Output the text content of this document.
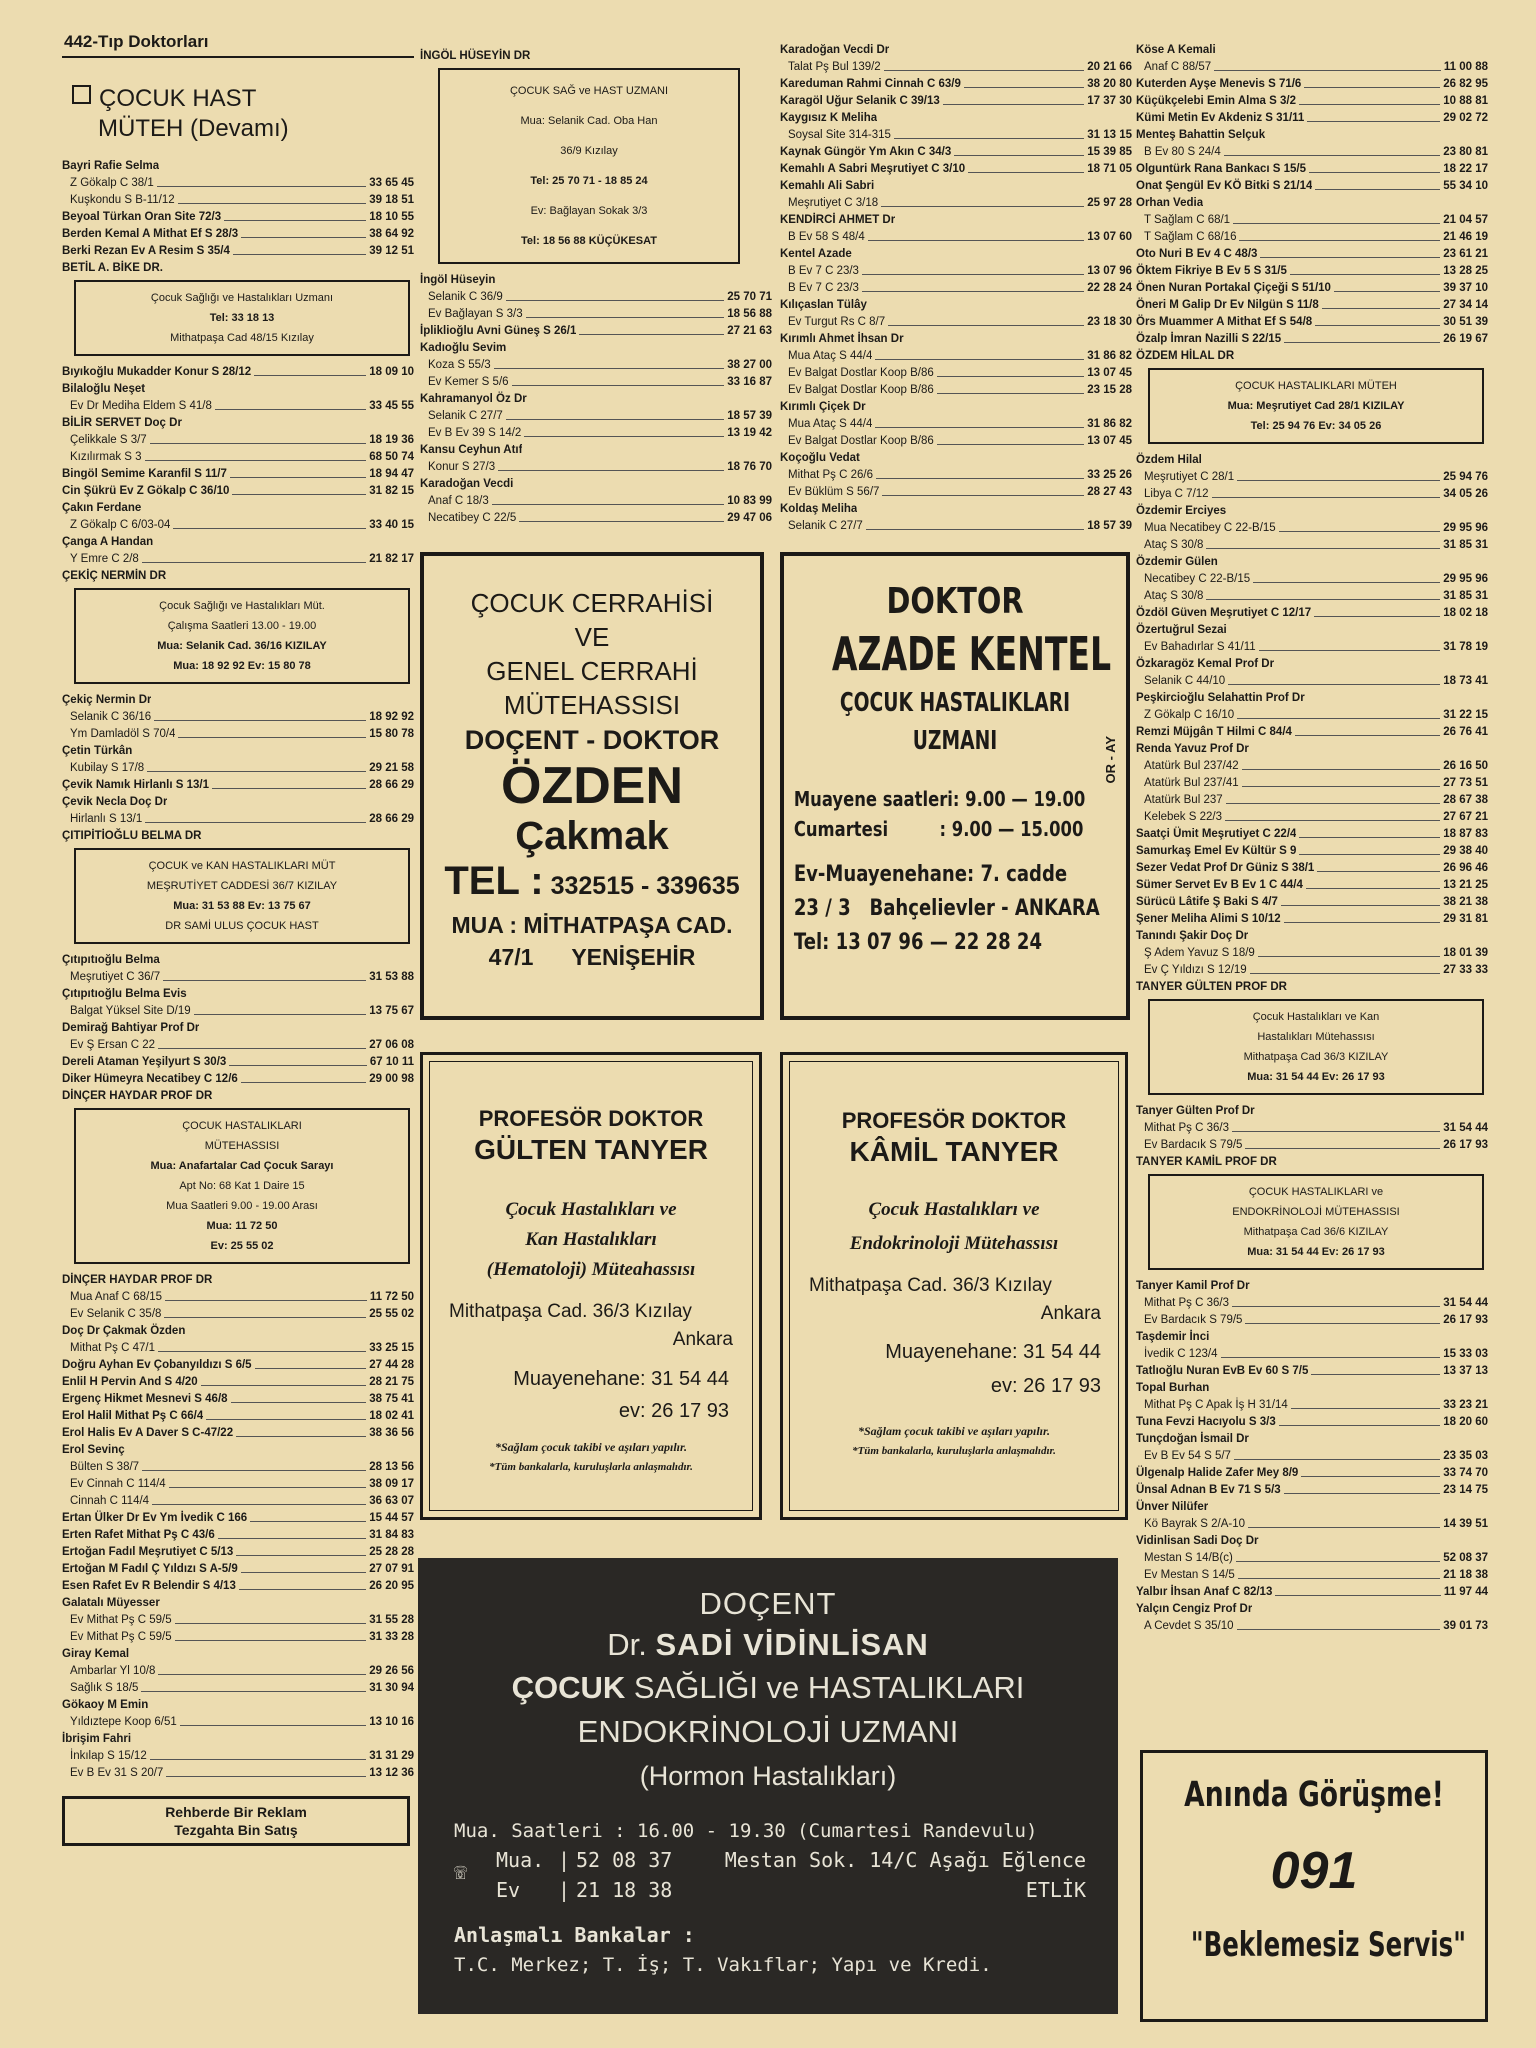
442-Tıp Doktorları
ÇOCUK HAST
MÜTEH (Devamı)
Bayri Rafie Selma
Z Gökalp C 38/1	33 65 45
Kuşkondu S B-11/12	39 18 51
Beyoal Türkan Oran Site 72/3	18 10 55
Berden Kemal A Mithat Ef S 28/3	38 64 92
Berki Rezan Ev A Resim S 35/4	39 12 51
BETİL A. BİKE DR.
Çocuk Sağlığı ve Hastalıkları Uzmanı
Tel: 33 18 13
Mithatpaşa Cad 48/15 Kızılay
Bıyıkoğlu Mukadder Konur S 28/12	18 09 10
Bilaloğlu Neşet
Ev Dr Mediha Eldem S 41/8	33 45 55
BİLİR SERVET Doç Dr
Çelikkale S 3/7	18 19 36
Kızılırmak S 3	68 50 74
Bingöl Semime Karanfil S 11/7	18 94 47
Cin Şükrü Ev Z Gökalp C 36/10	31 82 15
Çakın Ferdane
Z Gökalp C 6/03-04	33 40 15
Çanga A Handan
Y Emre C 2/8	21 82 17
ÇEKİÇ NERMİN DR
Çocuk Sağlığı ve Hastalıkları Müt.
Çalışma Saatleri 13.00 - 19.00
Mua: Selanik Cad. 36/16 KIZILAY
Mua: 18 92 92 Ev: 15 80 78
Çekiç Nermin Dr
Selanik C 36/16	18 92 92
Ym Damladöl S 70/4	15 80 78
Çetin Türkân
Kubilay S 17/8	29 21 58
Çevik Namık Hirlanlı S 13/1	28 66 29
Çevik Necla Doç Dr
Hirlanlı S 13/1	28 66 29
ÇITIPİTİOĞLU BELMA DR
ÇOCUK ve KAN HASTALIKLARI MÜT
MEŞRUTİYET CADDESİ 36/7 KIZILAY
Mua: 31 53 88 Ev: 13 75 67
DR SAMİ ULUS ÇOCUK HAST
Çıtıpıtıoğlu Belma
Meşrutiyet C 36/7	31 53 88
Çıtıpıtıoğlu Belma Evis
Balgat Yüksel Site D/19	13 75 67
Demirağ Bahtiyar Prof Dr
Ev Ş Ersan C 22	27 06 08
Dereli Ataman Yeşilyurt S 30/3	67 10 11
Diker Hümeyra Necatibey C 12/6	29 00 98
DİNÇER HAYDAR PROF DR
ÇOCUK HASTALIKLARI
MÜTEHASSISI
Mua: Anafartalar Cad Çocuk Sarayı
Apt No: 68 Kat 1 Daire 15
Mua Saatleri 9.00 - 19.00 Arası
Mua: 11 72 50
Ev: 25 55 02
DİNÇER HAYDAR PROF DR
Mua Anaf C 68/15	11 72 50
Ev Selanik C 35/8	25 55 02
Doç Dr Çakmak Özden
Mithat Pş C 47/1	33 25 15
Doğru Ayhan Ev Çobanyıldızı S 6/5	27 44 28
Enlil H Pervin And S 4/20	28 21 75
Ergenç Hikmet Mesnevi S 46/8	38 75 41
Erol Halil Mithat Pş C 66/4	18 02 41
Erol Halis Ev A Daver S C-47/22	38 36 56
Erol Sevinç
Bülten S 38/7	28 13 56
Ev Cinnah C 114/4	38 09 17
Cinnah C 114/4	36 63 07
Ertan Ülker Dr Ev Ym İvedik C 166	15 44 57
Erten Rafet Mithat Pş C 43/6	31 84 83
Ertoğan Fadıl Meşrutiyet C 5/13	25 28 28
Ertoğan M Fadıl Ç Yıldızı S A-5/9	27 07 91
Esen Rafet Ev R Belendir S 4/13	26 20 95
Galatalı Müyesser
Ev Mithat Pş C 59/5	31 55 28
Ev Mithat Pş C 59/5	31 33 28
Giray Kemal
Ambarlar Yl 10/8	29 26 56
Sağlık S 18/5	31 30 94
Gökaoy M Emin
Yıldıztepe Koop 6/51	13 10 16
İbrişim Fahri
İnkılap S 15/12	31 31 29
Ev B Ev 31 S 20/7	13 12 36
Rehberde Bir Reklam
Tezgahta Bin Satış
İNGÖL HÜSEYİN DR
ÇOCUK SAĞ ve HAST UZMANI
Mua: Selanik Cad. Oba Han
36/9 Kızılay
Tel: 25 70 71 - 18 85 24
Ev: Bağlayan Sokak 3/3
Tel: 18 56 88 KÜÇÜKESAT
İngöl Hüseyin
Selanik C 36/9	25 70 71
Ev Bağlayan S 3/3	18 56 88
İpliklioğlu Avni Güneş S 26/1	27 21 63
Kadıoğlu Sevim
Koza S 55/3	38 27 00
Ev Kemer S 5/6	33 16 87
Kahramanyol Öz Dr
Selanik C 27/7	18 57 39
Ev B Ev 39 S 14/2	13 19 42
Kansu Ceyhun Atıf
Konur S 27/3	18 76 70
Karadoğan Vecdi
Anaf C 18/3	10 83 99
Necatibey C 22/5	29 47 06
Karadoğan Vecdi Dr
Talat Pş Bul 139/2	20 21 66
Kareduman Rahmi Cinnah C 63/9	38 20 80
Karagöl Uğur Selanik C 39/13	17 37 30
Kaygısız K Meliha
Soysal Site 314-315	31 13 15
Kaynak Güngör Ym Akın C 34/3	15 39 85
Kemahlı A Sabri Meşrutiyet C 3/10	18 71 05
Kemahlı Ali Sabri
Meşrutiyet C 3/18	25 97 28
KENDİRCİ AHMET Dr
B Ev 58 S 48/4	13 07 60
Kentel Azade
B Ev 7 C 23/3	13 07 96
B Ev 7 C 23/3	22 28 24
Kılıçaslan Tülây
Ev Turgut Rs C 8/7	23 18 30
Kırımlı Ahmet İhsan Dr
Mua Ataç S 44/4	31 86 82
Ev Balgat Dostlar Koop B/86	13 07 45
Ev Balgat Dostlar Koop B/86	23 15 28
Kırımlı Çiçek Dr
Mua Ataç S 44/4	31 86 82
Ev Balgat Dostlar Koop B/86	13 07 45
Koçoğlu Vedat
Mithat Pş C 26/6	33 25 26
Ev Büklüm S 56/7	28 27 43
Koldaş Meliha
Selanik C 27/7	18 57 39
Köse A Kemali
Anaf C 88/57	11 00 88
Kuterden Ayşe Menevis S 71/6	26 82 95
Küçükçelebi Emin Alma S 3/2	10 88 81
Kümi Metin Ev Akdeniz S 31/11	29 02 72
Menteş Bahattin Selçuk
B Ev 80 S 24/4	23 80 81
Olguntürk Rana Bankacı S 15/5	18 22 17
Onat Şengül Ev KÖ Bitki S 21/14	55 34 10
Orhan Vedia
T Sağlam C 68/1	21 04 57
T Sağlam C 68/16	21 46 19
Oto Nuri B Ev 4 C 48/3	23 61 21
Öktem Fikriye B Ev 5 S 31/5	13 28 25
Önen Nuran Portakal Çiçeği S 51/10	39 37 10
Öneri M Galip Dr Ev Nilgün S 11/8	27 34 14
Örs Muammer A Mithat Ef S 54/8	30 51 39
Özalp İmran Nazilli S 22/15	26 19 67
ÖZDEM HİLAL DR
ÇOCUK HASTALIKLARI MÜTEH
Mua: Meşrutiyet Cad 28/1 KIZILAY
Tel: 25 94 76 Ev: 34 05 26
Özdem Hilal
Meşrutiyet C 28/1	25 94 76
Libya C 7/12	34 05 26
Özdemir Erciyes
Mua Necatibey C 22-B/15	29 95 96
Ataç S 30/8	31 85 31
Özdemir Gülen
Necatibey C 22-B/15	29 95 96
Ataç S 30/8	31 85 31
Özdöl Güven Meşrutiyet C 12/17	18 02 18
Özertuğrul Sezai
Ev Bahadırlar S 41/11	31 78 19
Özkaragöz Kemal Prof Dr
Selanik C 44/10	18 73 41
Peşkircioğlu Selahattin Prof Dr
Z Gökalp C 16/10	31 22 15
Remzi Müjgân T Hilmi C 84/4	26 76 41
Renda Yavuz Prof Dr
Atatürk Bul 237/42	26 16 50
Atatürk Bul 237/41	27 73 51
Atatürk Bul 237	28 67 38
Kelebek S 22/3	27 67 21
Saatçi Ümit Meşrutiyet C 22/4	18 87 83
Samurkaş Emel Ev Kültür S 9	29 38 40
Sezer Vedat Prof Dr Güniz S 38/1	26 96 46
Sümer Servet Ev B Ev 1 C 44/4	13 21 25
Sürücü Lâtife Ş Baki S 4/7	38 21 38
Şener Meliha Alimi S 10/12	29 31 81
Tanındı Şakir Doç Dr
Ş Adem Yavuz S 18/9	18 01 39
Ev Ç Yıldızı S 12/19	27 33 33
TANYER GÜLTEN PROF DR
Çocuk Hastalıkları ve Kan
Hastalıkları Mütehassısı
Mithatpaşa Cad 36/3 KIZILAY
Mua: 31 54 44 Ev: 26 17 93
Tanyer Gülten Prof Dr
Mithat Pş C 36/3	31 54 44
Ev Bardacık S 79/5	26 17 93
TANYER KAMİL PROF DR
ÇOCUK HASTALIKLARI ve
ENDOKRİNOLOJİ MÜTEHASSISI
Mithatpaşa Cad 36/6 KIZILAY
Mua: 31 54 44 Ev: 26 17 93
Tanyer Kamil Prof Dr
Mithat Pş C 36/3	31 54 44
Ev Bardacık S 79/5	26 17 93
Taşdemir İnci
İvedik C 123/4	15 33 03
Tatlıoğlu Nuran EvB Ev 60 S 7/5	13 37 13
Topal Burhan
Mithat Pş C Apak İş H 31/14	33 23 21
Tuna Fevzi Hacıyolu S 3/3	18 20 60
Tunçdoğan İsmail Dr
Ev B Ev 54 S 5/7	23 35 03
Ülgenalp Halide Zafer Mey 8/9	33 74 70
Ünsal Adnan B Ev 71 S 5/3	23 14 75
Ünver Nilüfer
Kö Bayrak S 2/A-10	14 39 51
Vidinlisan Sadi Doç Dr
Mestan S 14/B(c)	52 08 37
Ev Mestan S 14/5	21 18 38
Yalbır İhsan Anaf C 82/13	11 97 44
Yalçın Cengiz Prof Dr
A Cevdet S 35/10	39 01 73
ÇOCUK CERRAHİSİ
VE
GENEL CERRAHİ
MÜTEHASSISI
DOÇENT - DOKTOR
ÖZDEN
Çakmak
TEL : 332515 - 339635
MUA : MİTHATPAŞA CAD.
47/1      YENİŞEHİR
DOKTOR
AZADE KENTEL
ÇOCUK HASTALIKLARI
UZMANI	OR - AY
Muayene saatleri: 9.00 — 19.00
Cumartesi         : 9.00 — 15.000
Ev-Muayenehane: 7. cadde
23 / 3   Bahçelievler - ANKARA
Tel: 13 07 96 — 22 28 24
PROFESÖR DOKTOR
GÜLTEN TANYER
Çocuk Hastalıkları ve
Kan Hastalıkları
(Hematoloji) Müteahassısı
Mithatpaşa Cad. 36/3 Kızılay
Ankara
Muayenehane: 31 54 44
ev: 26 17 93
*Sağlam çocuk takibi ve aşıları yapılır.
*Tüm bankalarla, kuruluşlarla anlaşmalıdır.
PROFESÖR DOKTOR
KÂMİL TANYER
Çocuk Hastalıkları ve
Endokrinoloji Mütehassısı
Mithatpaşa Cad. 36/3 Kızılay
Ankara
Muayenehane: 31 54 44
ev: 26 17 93
*Sağlam çocuk takibi ve aşıları yapılır.
*Tüm bankalarla, kuruluşlarla anlaşmalıdır.
DOÇENT
Dr. SADİ VİDİNLİSAN
ÇOCUK SAĞLIĞI ve HASTALIKLARI
ENDOKRİNOLOJİ UZMANI
(Hormon Hastalıkları)
Mua. Saatleri : 16.00 - 19.30 (Cumartesi Randevulu)
☏ Mua.
Ev
| 52 08 37
| 21 18 38
Mestan Sok. 14/C Aşağı Eğlence
ETLİK
Anlaşmalı Bankalar :
T.C. Merkez; T. İş; T. Vakıflar; Yapı ve Kredi.
Anında Görüşme!
091
"Beklemesiz Servis"
